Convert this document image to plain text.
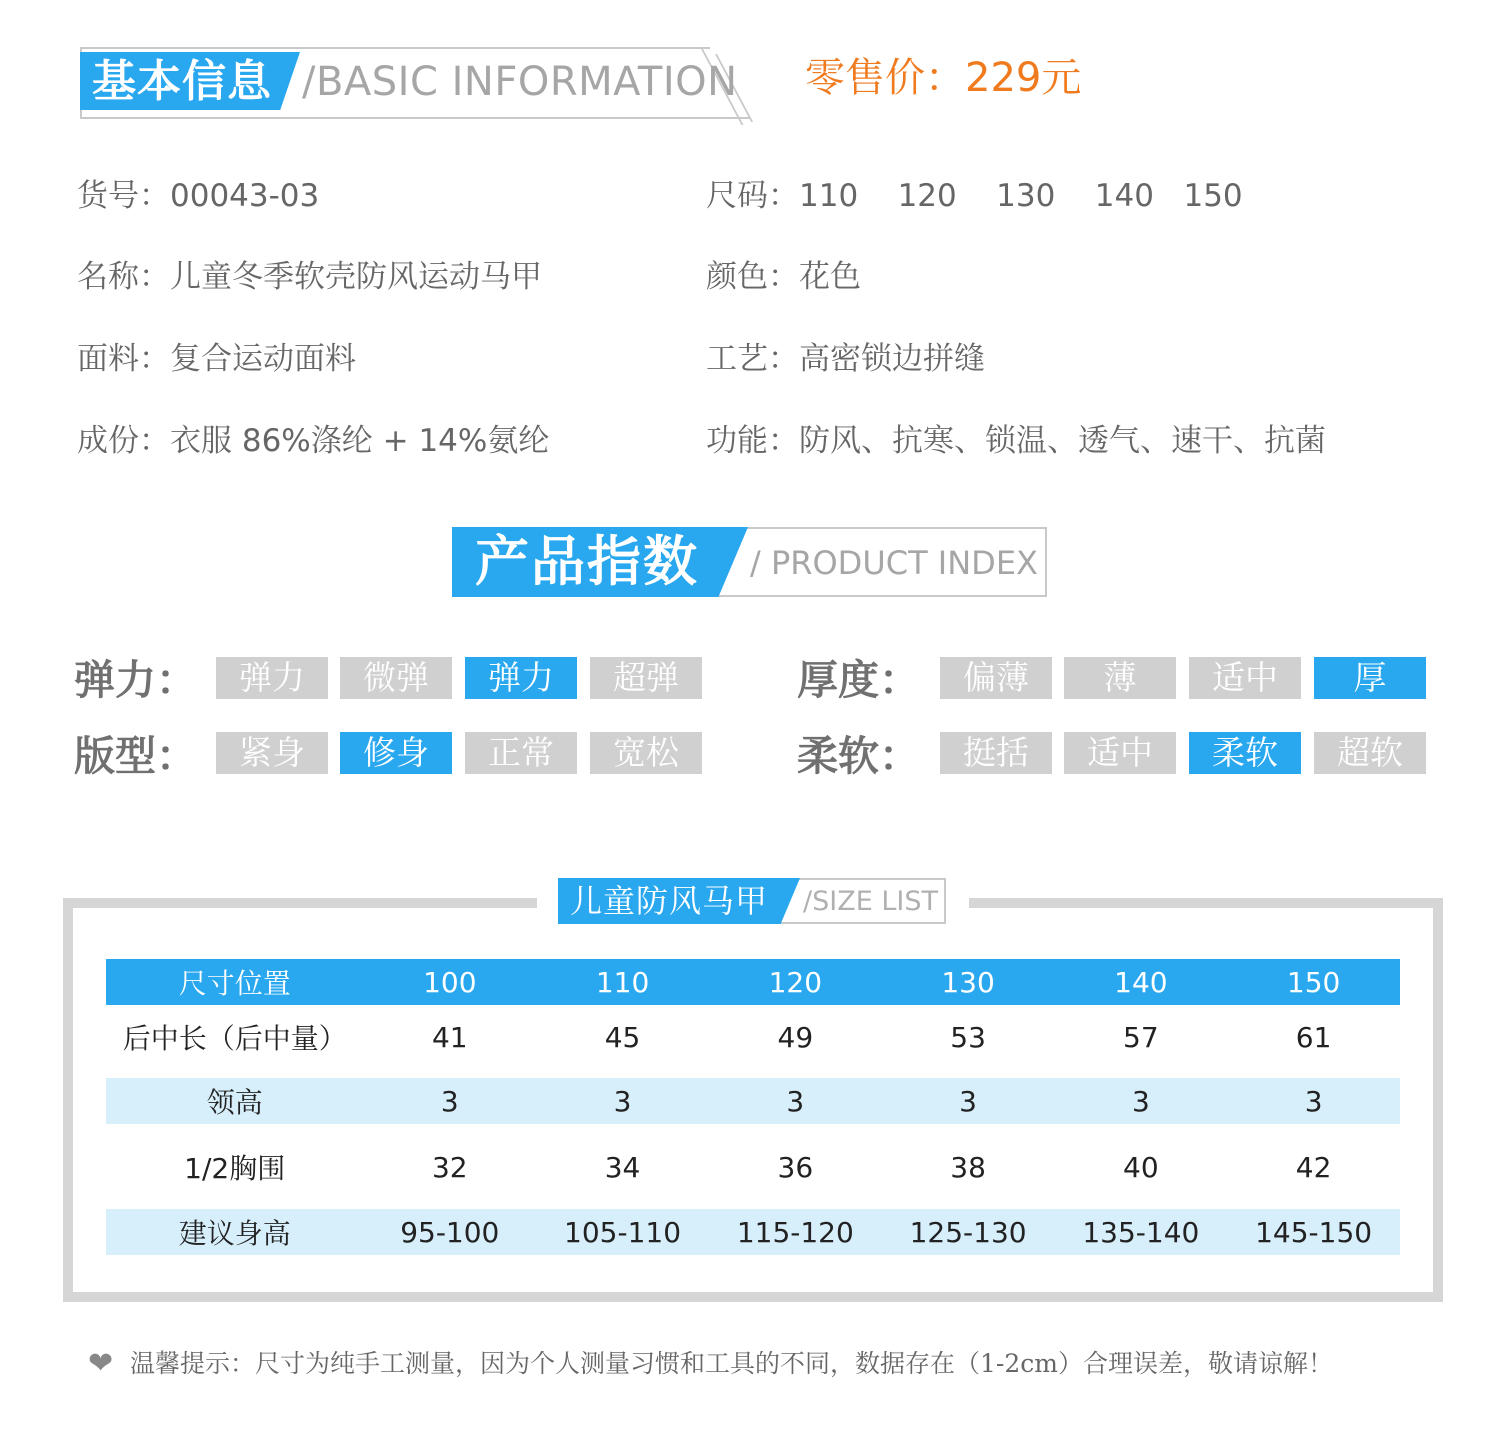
基本信息 /BASIC INFORMATION 零售价：229元
货号：00043-03	尺码：110    120    130    140   150
名称：儿童冬季软壳防风运动马甲	颜色：花色
面料：复合运动面料	工艺：高密锁边拼缝
成份：衣服 86%涤纶 + 14%氨纶	功能：防风、抗寒、锁温、透气、速干、抗菌
产品指数 / PRODUCT INDEX
弹力：	弹力	微弹	弹力	超弹	厚度：	偏薄	薄	适中	厚
版型：	紧身	修身	正常	宽松	柔软：	挺括	适中	柔软	超软
儿童防风马甲 /SIZE LIST
尺寸位置	100	110	120	130	140	150
后中长（后中量）	41	45	49	53	57	61
领高	3	3	3	3	3	3
1/2胸围	32	34	36	38	40	42
建议身高	95-100	105-110	115-120	125-130	135-140	145-150
❤ 温馨提示：尺寸为纯手工测量，因为个人测量习惯和工具的不同，数据存在（1-2cm）合理误差，敬请谅解！
